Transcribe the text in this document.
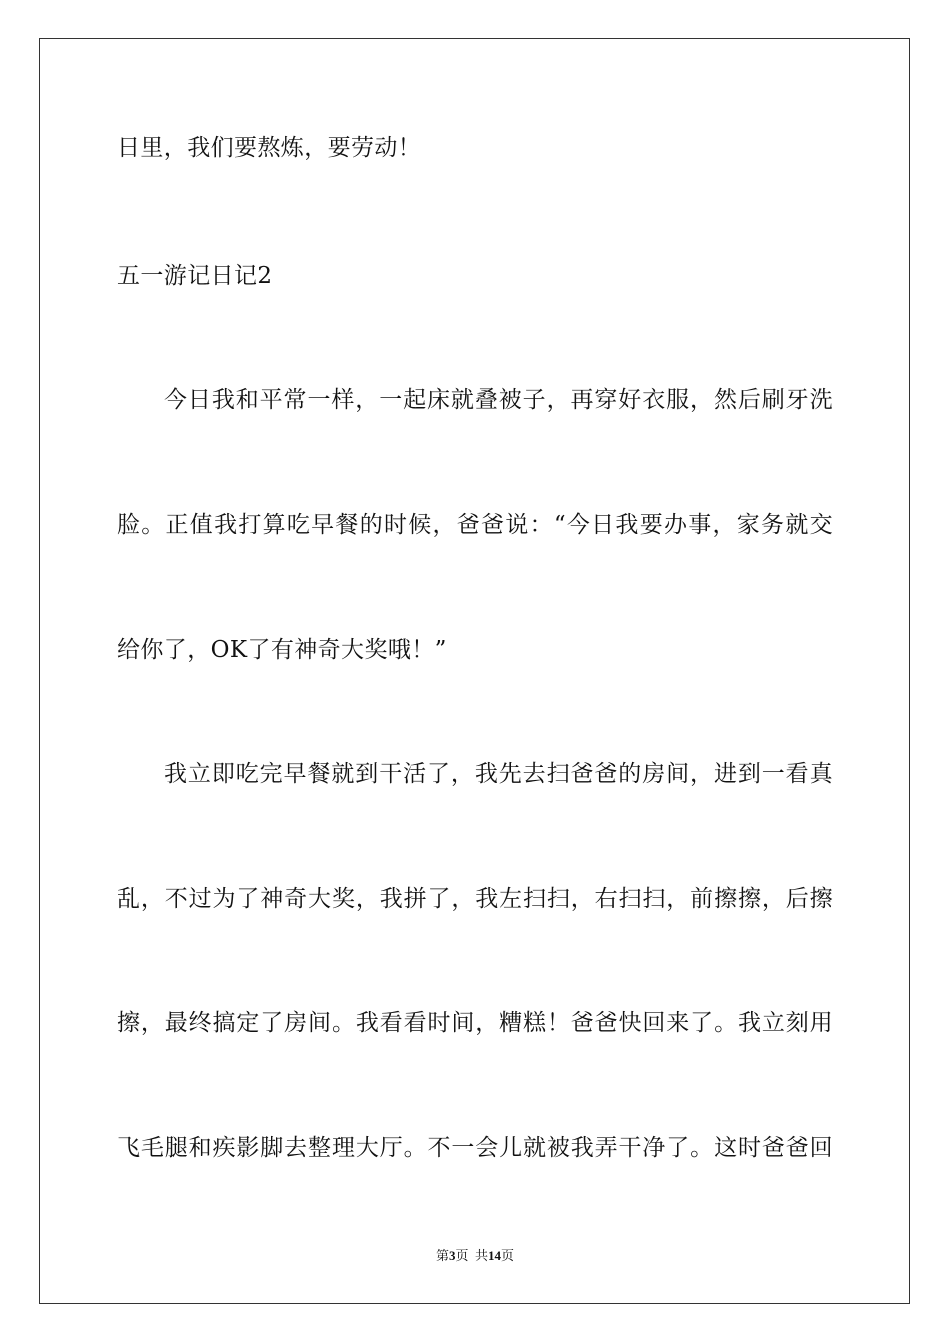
日里，我们要熬炼，要劳动！
五一游记日记2
今日我和平常一样，一起床就叠被子，再穿好衣服，然后刷牙洗
脸。正值我打算吃早餐的时候，爸爸说：“今日我要办事，家务就交
给你了，OK了有神奇大奖哦！”
我立即吃完早餐就到干活了，我先去扫爸爸的房间，进到一看真
乱，不过为了神奇大奖，我拼了，我左扫扫，右扫扫，前擦擦，后擦
擦，最终搞定了房间。我看看时间，糟糕！爸爸快回来了。我立刻用
飞毛腿和疾影脚去整理大厅。不一会儿就被我弄干净了。这时爸爸回
第3页  共14页
